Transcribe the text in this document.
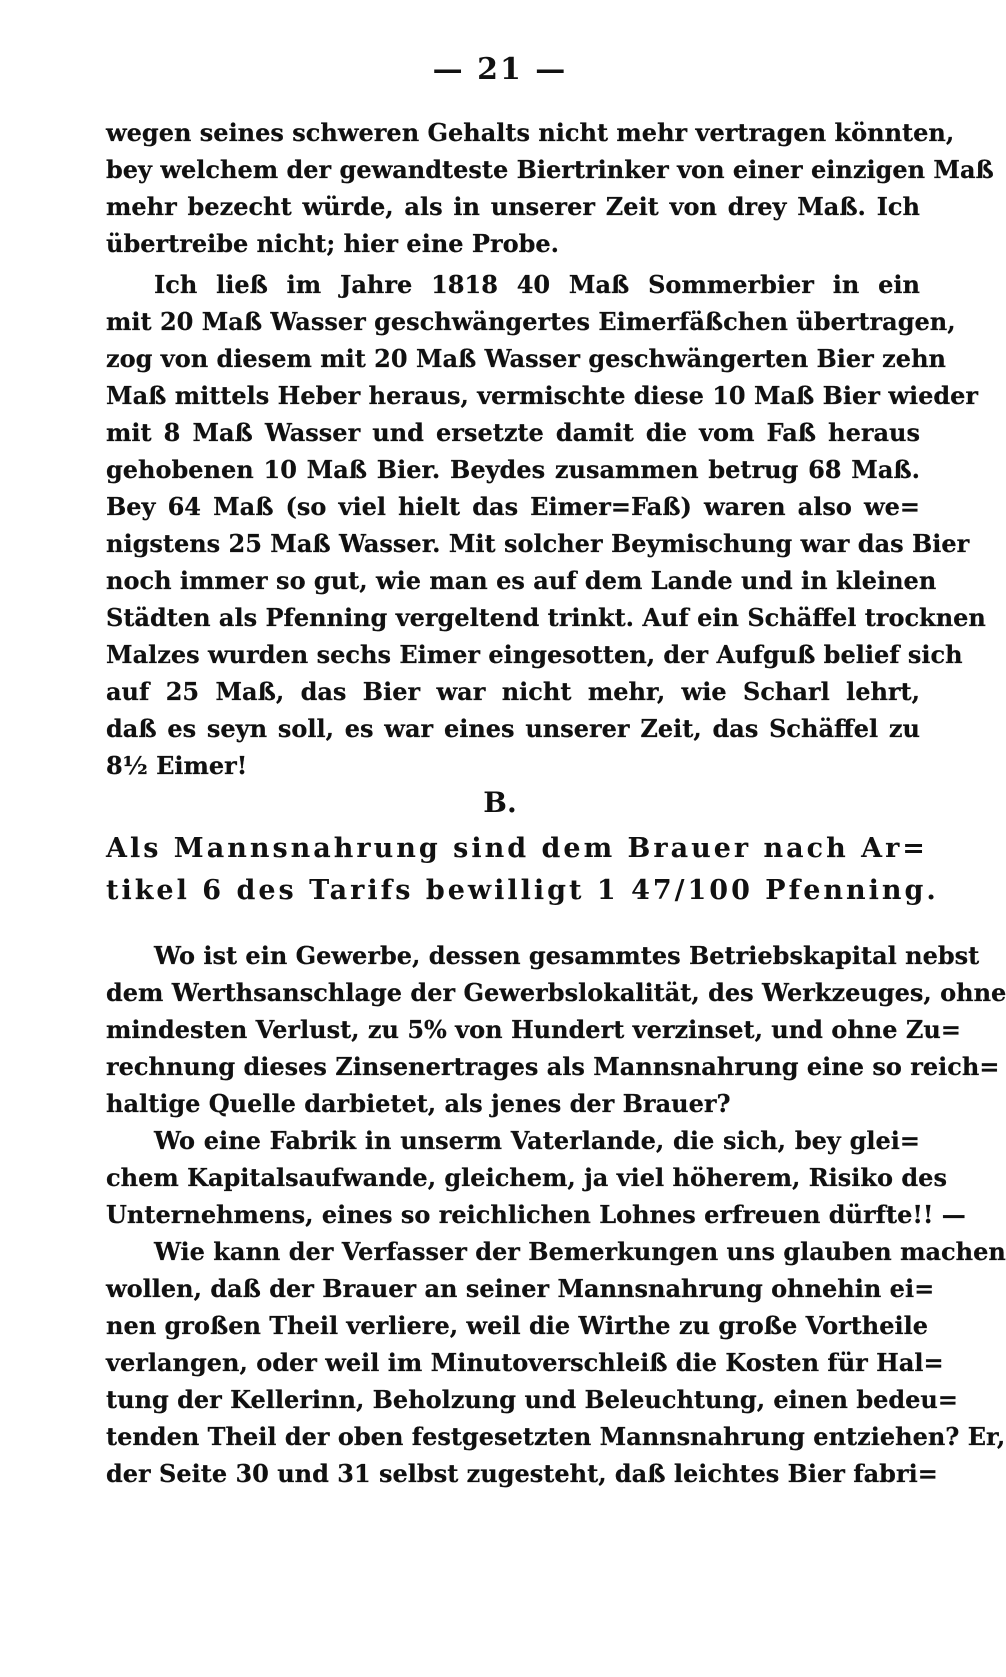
— 21 —
wegen seines schweren Gehalts nicht mehr vertragen könnten,
bey welchem der gewandteste Biertrinker von einer einzigen Maß
mehr bezecht würde, als in unserer Zeit von drey Maß. Ich
übertreibe nicht; hier eine Probe.
Ich ließ im Jahre 1818 40 Maß Sommerbier in ein
mit 20 Maß Wasser geschwängertes Eimerfäßchen übertragen,
zog von diesem mit 20 Maß Wasser geschwängerten Bier zehn
Maß mittels Heber heraus, vermischte diese 10 Maß Bier wieder
mit 8 Maß Wasser und ersetzte damit die vom Faß heraus
gehobenen 10 Maß Bier. Beydes zusammen betrug 68 Maß.
Bey 64 Maß (so viel hielt das Eimer=Faß) waren also we=
nigstens 25 Maß Wasser. Mit solcher Beymischung war das Bier
noch immer so gut, wie man es auf dem Lande und in kleinen
Städten als Pfenning vergeltend trinkt. Auf ein Schäffel trocknen
Malzes wurden sechs Eimer eingesotten, der Aufguß belief sich
auf 25 Maß, das Bier war nicht mehr, wie Scharl lehrt,
daß es seyn soll, es war eines unserer Zeit, das Schäffel zu
8½ Eimer!
B.
Als Mannsnahrung sind dem Brauer nach Ar=
tikel 6 des Tarifs bewilligt 1 47/100 Pfenning.
Wo ist ein Gewerbe, dessen gesammtes Betriebskapital nebst
dem Werthsanschlage der Gewerbslokalität, des Werkzeuges, ohne
mindesten Verlust, zu 5% von Hundert verzinset, und ohne Zu=
rechnung dieses Zinsenertrages als Mannsnahrung eine so reich=
haltige Quelle darbietet, als jenes der Brauer?
Wo eine Fabrik in unserm Vaterlande, die sich, bey glei=
chem Kapitalsaufwande, gleichem, ja viel höherem, Risiko des
Unternehmens, eines so reichlichen Lohnes erfreuen dürfte!! —
Wie kann der Verfasser der Bemerkungen uns glauben machen
wollen, daß der Brauer an seiner Mannsnahrung ohnehin ei=
nen großen Theil verliere, weil die Wirthe zu große Vortheile
verlangen, oder weil im Minutoverschleiß die Kosten für Hal=
tung der Kellerinn, Beholzung und Beleuchtung, einen bedeu=
tenden Theil der oben festgesetzten Mannsnahrung entziehen? Er,
der Seite 30 und 31 selbst zugesteht, daß leichtes Bier fabri=
